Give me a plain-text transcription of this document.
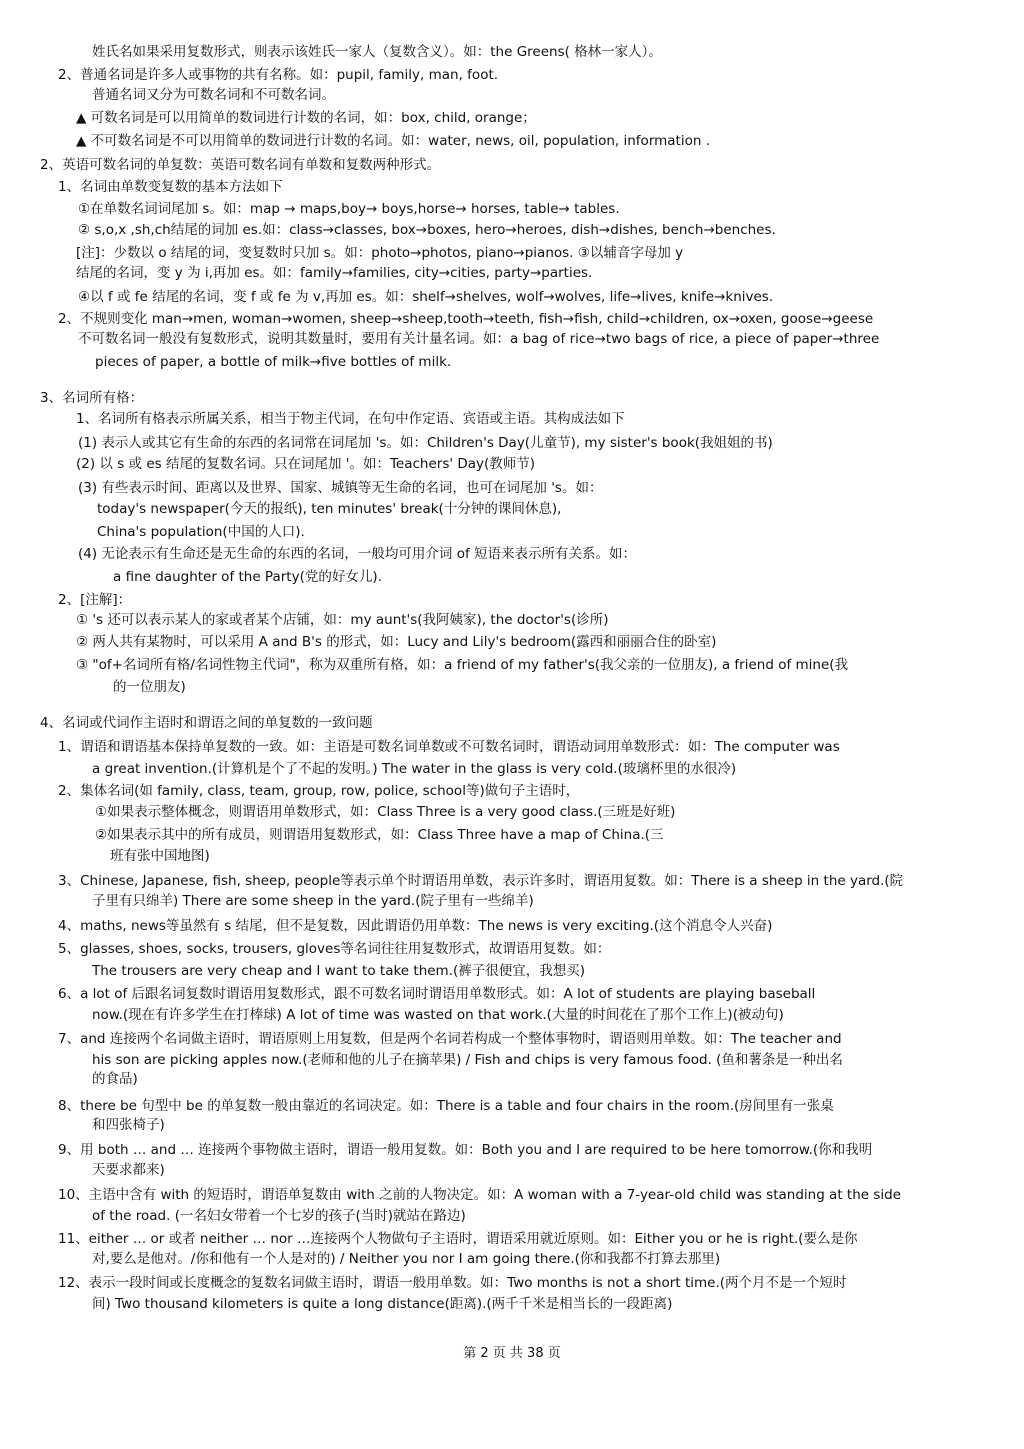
姓氏名如果采用复数形式，则表示该姓氏一家人（复数含义）。如：the Greens( 格林一家人）。
2、普通名词是许多人或事物的共有名称。如：pupil, family, man, foot.
普通名词又分为可数名词和不可数名词。
▲ 可数名词是可以用简单的数词进行计数的名词，如：box, child, orange；
▲ 不可数名词是不可以用简单的数词进行计数的名词。如：water, news, oil, population, information .
2、英语可数名词的单复数：英语可数名词有单数和复数两种形式。
1、名词由单数变复数的基本方法如下
①在单数名词词尾加 s。如：map → maps,boy→ boys,horse→ horses, table→ tables.
② s,o,x ,sh,ch结尾的词加 es.如：class→classes, box→boxes, hero→heroes, dish→dishes, bench→benches.
[注]：少数以 o 结尾的词，变复数时只加 s。如：photo→photos, piano→pianos. ③以辅音字母加 y
结尾的名词，变 y 为 i,再加 es。如：family→families, city→cities, party→parties.
④以 f 或 fe 结尾的名词，变 f 或 fe 为 v,再加 es。如：shelf→shelves, wolf→wolves, life→lives, knife→knives.
2、不规则变化 man→men, woman→women, sheep→sheep,tooth→teeth, fish→fish, child→children, ox→oxen, goose→geese
不可数名词一般没有复数形式，说明其数量时，要用有关计量名词。如：a bag of rice→two bags of rice, a piece of paper→three
pieces of paper, a bottle of milk→five bottles of milk.
3、名词所有格：
1、名词所有格表示所属关系，相当于物主代词，在句中作定语、宾语或主语。其构成法如下
(1) 表示人或其它有生命的东西的名词常在词尾加 's。如：Children's Day(儿童节), my sister's book(我姐姐的书)
(2) 以 s 或 es 结尾的复数名词。只在词尾加 '。如：Teachers' Day(教师节)
(3) 有些表示时间、距离以及世界、国家、城镇等无生命的名词，也可在词尾加 's。如：
today's newspaper(今天的报纸), ten minutes' break(十分钟的课间休息),
China's population(中国的人口).
(4) 无论表示有生命还是无生命的东西的名词，一般均可用介词 of 短语来表示所有关系。如：
a fine daughter of the Party(党的好女儿).
2、[注解]：
① 's 还可以表示某人的家或者某个店铺，如：my aunt's(我阿姨家), the doctor's(诊所)
② 两人共有某物时，可以采用 A and B's 的形式，如：Lucy and Lily's bedroom(露西和丽丽合住的卧室)
③ "of+名词所有格/名词性物主代词"，称为双重所有格，如：a friend of my father's(我父亲的一位朋友), a friend of mine(我
的一位朋友)
4、名词或代词作主语时和谓语之间的单复数的一致问题
1、谓语和谓语基本保持单复数的一致。如：主语是可数名词单数或不可数名词时，谓语动词用单数形式：如：The computer was
a great invention.(计算机是个了不起的发明。) The water in the glass is very cold.(玻璃杯里的水很冷)
2、集体名词(如 family, class, team, group, row, police, school等)做句子主语时，
①如果表示整体概念，则谓语用单数形式，如：Class Three is a very good class.(三班是好班)
②如果表示其中的所有成员，则谓语用复数形式，如：Class Three have a map of China.(三
班有张中国地图)
3、Chinese, Japanese, fish, sheep, people等表示单个时谓语用单数，表示许多时，谓语用复数。如：There is a sheep in the yard.(院
子里有只绵羊) There are some sheep in the yard.(院子里有一些绵羊)
4、maths, news等虽然有 s 结尾，但不是复数，因此谓语仍用单数：The news is very exciting.(这个消息令人兴奋)
5、glasses, shoes, socks, trousers, gloves等名词往往用复数形式，故谓语用复数。如：
The trousers are very cheap and I want to take them.(裤子很便宜，我想买)
6、a lot of 后跟名词复数时谓语用复数形式，跟不可数名词时谓语用单数形式。如：A lot of students are playing baseball
now.(现在有许多学生在打棒球) A lot of time was wasted on that work.(大量的时间花在了那个工作上)(被动句)
7、and 连接两个名词做主语时，谓语原则上用复数，但是两个名词若构成一个整体事物时，谓语则用单数。如：The teacher and
his son are picking apples now.(老师和他的儿子在摘苹果) / Fish and chips is very famous food. (鱼和薯条是一种出名
的食品)
8、there be 句型中 be 的单复数一般由靠近的名词决定。如：There is a table and four chairs in the room.(房间里有一张桌
和四张椅子)
9、用 both … and … 连接两个事物做主语时，谓语一般用复数。如：Both you and I are required to be here tomorrow.(你和我明
天要求都来)
10、主语中含有 with 的短语时，谓语单复数由 with 之前的人物决定。如：A woman with a 7-year-old child was standing at the side
of the road. (一名妇女带着一个七岁的孩子(当时)就站在路边)
11、either … or 或者 neither … nor …连接两个人物做句子主语时，谓语采用就近原则。如：Either you or he is right.(要么是你
对,要么是他对。/你和他有一个人是对的) / Neither you nor I am going there.(你和我都不打算去那里)
12、表示一段时间或长度概念的复数名词做主语时，谓语一般用单数。如：Two months is not a short time.(两个月不是一个短时
间) Two thousand kilometers is quite a long distance(距离).(两千千米是相当长的一段距离)
第 2 页 共 38 页
